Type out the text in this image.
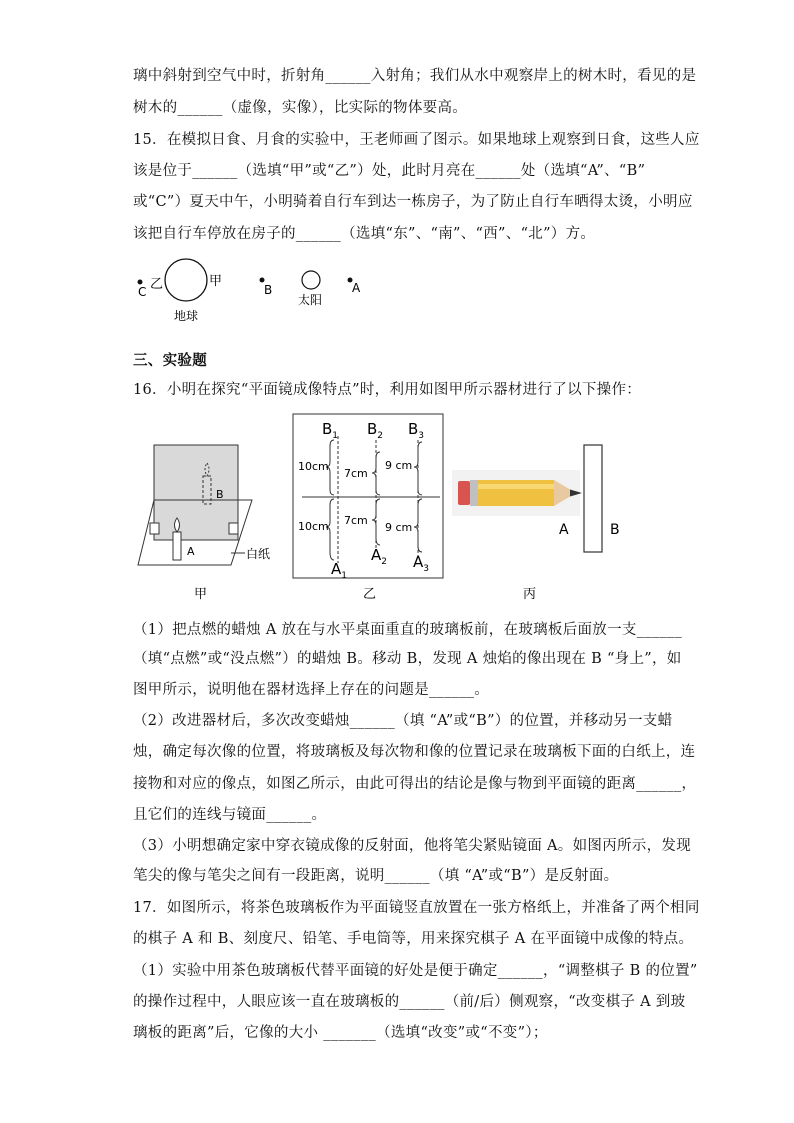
璃中斜射到空气中时，折射角______入射角；我们从水中观察岸上的树木时，看见的是
树木的______（虚像，实像），比实际的物体要高。
15．在模拟日食、月食的实验中，王老师画了图示。如果地球上观察到日食，这些人应
该是位于______（选填“甲”或“乙”）处，此时月亮在______处（选填“A”、“B”
或“C”）夏天中午，小明骑着自行车到达一栋房子，为了防止自行车晒得太烫，小明应
该把自行车停放在房子的______（选填“东”、“南”、“西”、“北”）方。
C 乙	甲
地球
B
太阳
A
三、实验题
16．小明在探究“平面镜成像特点”时，利用如图甲所示器材进行了以下操作：
B
A	白纸
甲
10cm
10cm
7cm
7cm
9 cm
9 cm
$B_1$ $B_2$ $B_3$
$A_1$
$A_2$ $A_3$
乙
A	B
丙
（1）把点燃的蜡烛 A 放在与水平桌面重直的玻璃板前，在玻璃板后面放一支______
（填“点燃”或“没点燃”）的蜡烛 B。移动 B，发现 A 烛焰的像出现在 B “身上”，如
图甲所示，说明他在器材选择上存在的问题是______。
（2）改进器材后，多次改变蜡烛______（填 “A”或“B”）的位置，并移动另一支蜡
烛，确定每次像的位置，将玻璃板及每次物和像的位置记录在玻璃板下面的白纸上，连
接物和对应的像点，如图乙所示，由此可得出的结论是像与物到平面镜的距离______，
且它们的连线与镜面______。
（3）小明想确定家中穿衣镜成像的反射面，他将笔尖紧贴镜面 A。如图丙所示，发现
笔尖的像与笔尖之间有一段距离，说明______（填 “A”或“B”）是反射面。
17．如图所示，将茶色玻璃板作为平面镜竖直放置在一张方格纸上，并准备了两个相同
的棋子 A 和 B、刻度尺、铅笔、手电筒等，用来探究棋子 A 在平面镜中成像的特点。
（1）实验中用茶色玻璃板代替平面镜的好处是便于确定______，“调整棋子 B 的位置”
的操作过程中，人眼应该一直在玻璃板的______（前/后）侧观察，“改变棋子 A 到玻
璃板的距离”后，它像的大小 _______（选填“改变”或“不变”）；
